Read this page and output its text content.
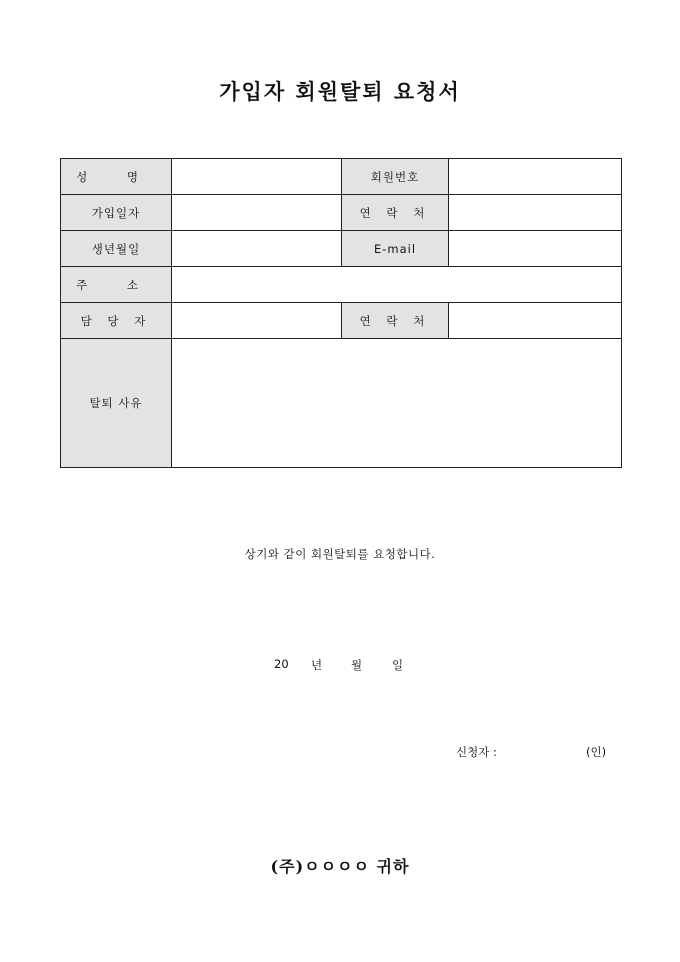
가입자 회원탈퇴 요청서
성 명		회원번호	
가입일자		연 락 처	
생년월일		E-mail	
주 소			
담 당 자		연 락 처	
탈퇴 사유			
상기와 같이 회원탈퇴를 요청합니다.
20 년	월	일
신청자 :	(인)
(주)ㅇㅇㅇㅇ 귀하
